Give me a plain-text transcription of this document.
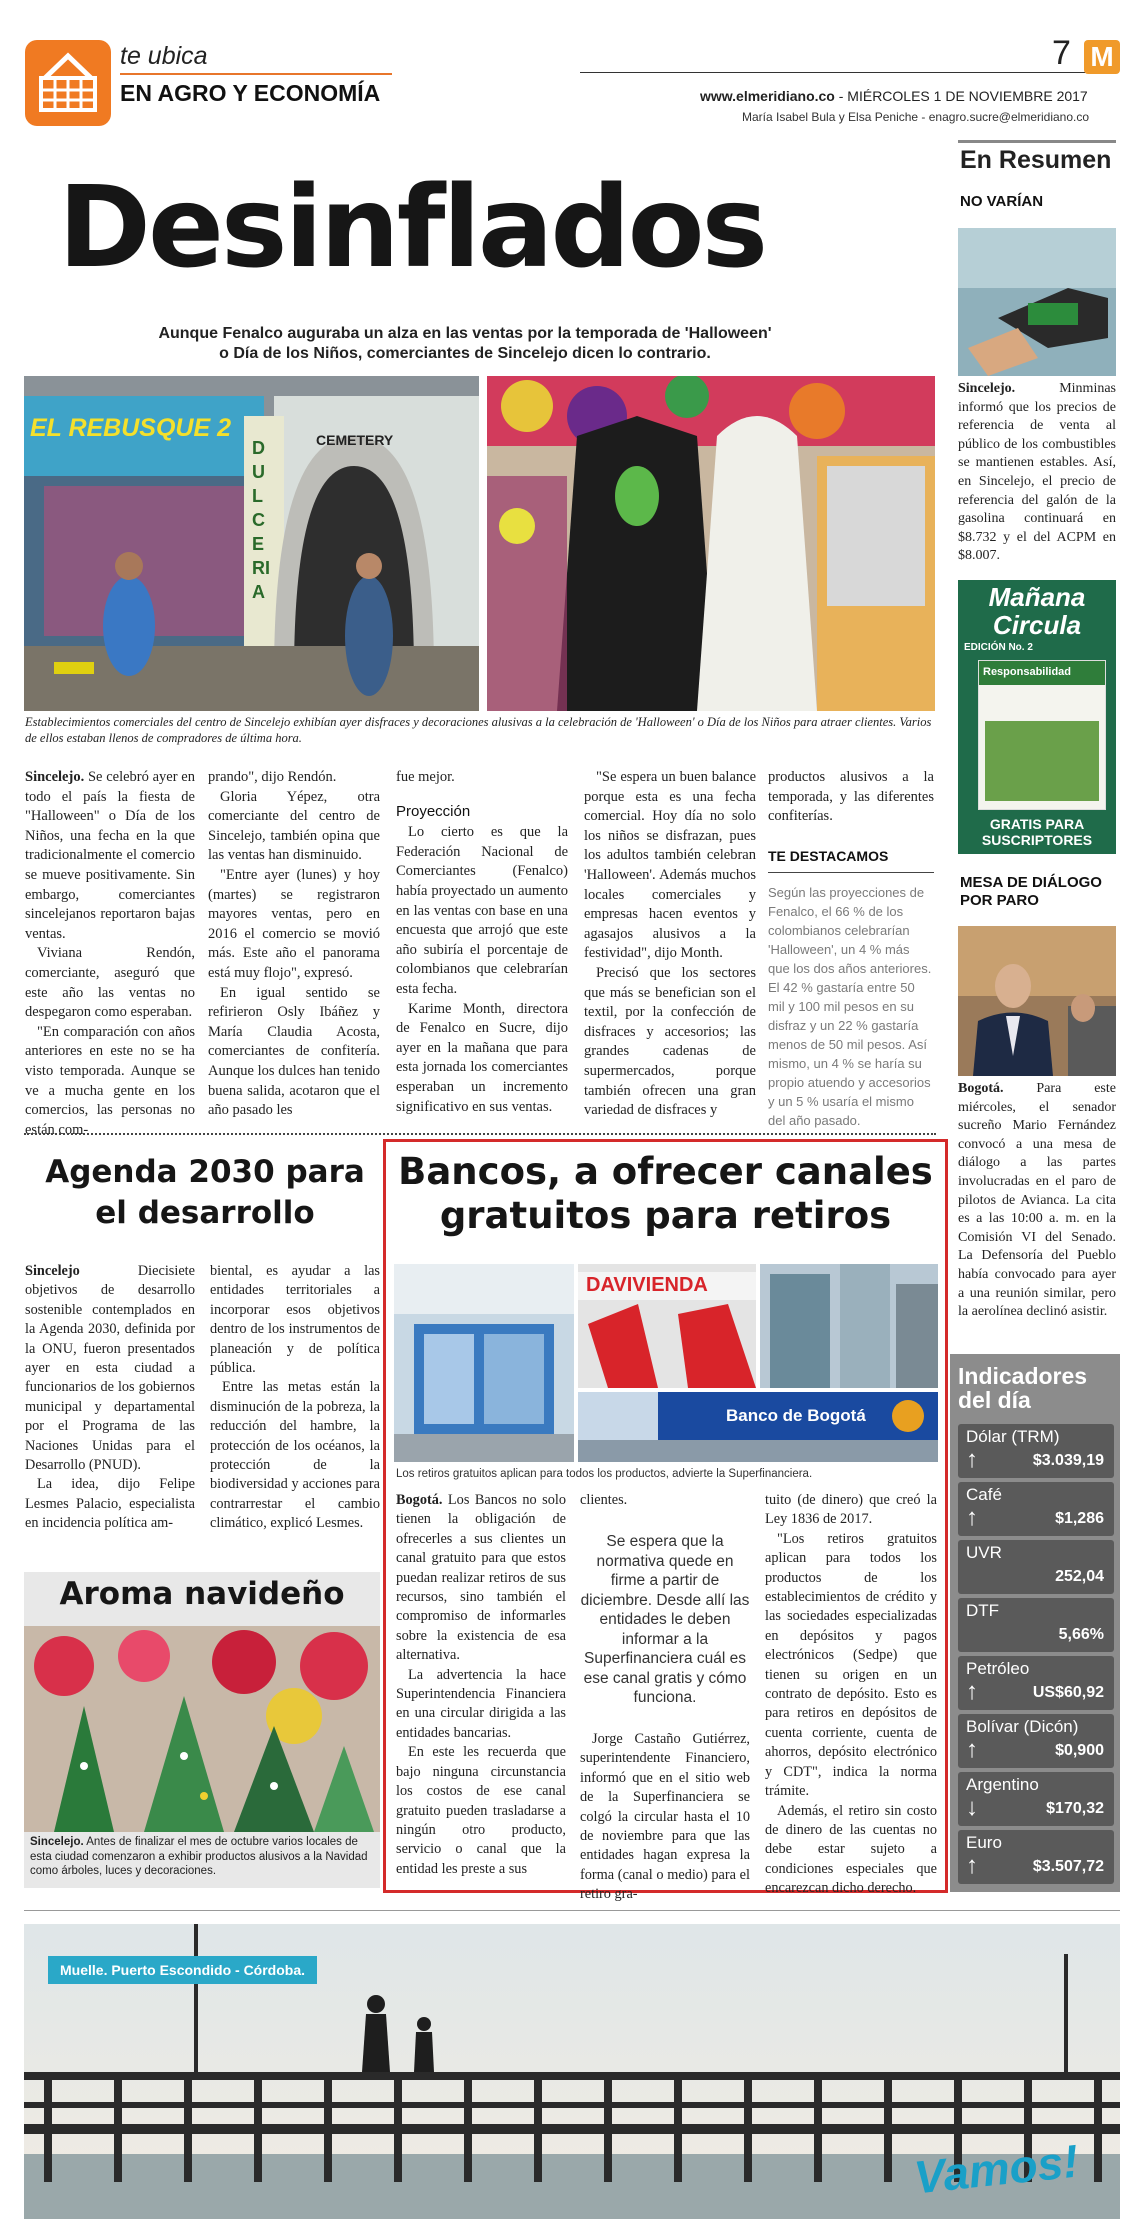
te ubica
EN AGRO Y ECONOMÍA
7 M
www.elmeridiano.co - MIÉRCOLES 1 DE NOVIEMBRE 2017
María Isabel Bula y Elsa Peniche - enagro.sucre@elmeridiano.co
Desinflados
Aunque Fenalco auguraba un alza en las ventas por la temporada de 'Halloween'
o Día de los Niños, comerciantes de Sincelejo dicen lo contrario.
EL REBUSQUE 2
DULCERIA
CEMETERY
Establecimientos comerciales del centro de Sincelejo exhibían ayer disfraces y decoraciones alusivas a la celebración de 'Halloween' o Día de los Niños para atraer clientes. Varios de ellos estaban llenos de compradores de última hora.

Sincelejo. Se celebró ayer en todo el país la fiesta de "Halloween" o Día de los Niños, una fecha en la que tradicionalmente el comercio se mueve positivamente. Sin embargo, comerciantes sincelejanos reportaron bajas ventas.

Viviana Rendón, comerciante, aseguró que este año las ventas no despegaron como esperaban.

"En comparación con años anteriores en este no se ha visto temporada. Aunque se ve a mucha gente en los comercios, las personas no están com-

prando", dijo Rendón.

Gloria Yépez, otra comerciante del centro de Sincelejo, también opina que las ventas han disminuido.

"Entre ayer (lunes) y hoy (martes) se registraron mayores ventas, pero en 2016 el comercio se movió más. Este año el panorama está muy flojo", expresó.

En igual sentido se refirieron Osly Ibáñez y María Claudia Acosta, comerciantes de confitería. Aunque los dulces han tenido buena salida, acotaron que el año pasado les

fue mejor.

Proyección

Lo cierto es que la Federación Nacional de Comerciantes (Fenalco) había proyectado un aumento en las ventas con base en una encuesta que arrojó que este año subiría el porcentaje de colombianos que celebrarían esta fecha.

Karime Month, directora de Fenalco en Sucre, dijo ayer en la mañana que para esta jornada los comerciantes esperaban un incremento significativo en sus ventas.

"Se espera un buen balance porque esta es una fecha comercial. Hoy día no solo los niños se disfrazan, pues los adultos también celebran 'Halloween'. Además muchos locales comerciales y empresas hacen eventos y agasajos alusivos a la festividad", dijo Month.

Precisó que los sectores que más se benefician son el textil, por la confección de disfraces y accesorios; las grandes cadenas de supermercados, porque también ofrecen una gran variedad de disfraces y

productos alusivos a la temporada, y las diferentes confiterías.

TE DESTACAMOS
Según las proyecciones de Fenalco, el 66 % de los colombianos celebrarían 'Halloween', un 4 % más que los dos años anteriores. El 42 % gastaría entre 50 mil y 100 mil pesos en su disfraz y un 22 % gastaría menos de 50 mil pesos. Así mismo, un 4 % se haría su propio atuendo y accesorios y un 5 % usaría el mismo del año pasado.
En Resumen
NO VARÍAN

Sincelejo. Minminas informó que los precios de referencia de venta al público de los combustibles se mantienen estables. Así, en Sincelejo, el precio de referencia del galón de la gasolina continuará en $8.732 y el del ACPM en $8.007.

Mañana
Circula
EDICIÓN No. 2
Responsabilidad
GRATIS PARA SUSCRIPTORES
MESA DE DIÁLOGO POR PARO

Bogotá. Para este miércoles, el senador sucreño Mario Fernández convocó a una mesa de diálogo a las partes involucradas en el paro de pilotos de Avianca. La cita es a las 10:00 a. m. en la Comisión VI del Senado. La Defensoría del Pueblo había convocado para ayer a una reunión similar, pero la aerolínea declinó asistir.

Indicadores
del día
Dólar (TRM)
↑	$3.039,19
Café
↑	$1,286
UVR
252,04
DTF
5,66%
Petróleo
↑	US$60,92
Bolívar (Dicón)
↑	$0,900
Argentino
↓	$170,32
Euro
↑	$3.507,72
Agenda 2030 para
el desarrollo

Sincelejo Diecisiete objetivos de desarrollo sostenible contemplados en la Agenda 2030, definida por la ONU, fueron presentados ayer en esta ciudad a funcionarios de los gobiernos municipal y departamental por el Programa de las Naciones Unidas para el Desarrollo (PNUD).

La idea, dijo Felipe Lesmes Palacio, especialista en incidencia política am-

biental, es ayudar a las entidades territoriales a incorporar esos objetivos dentro de los instrumentos de planeación y de política pública.

Entre las metas están la disminución de la pobreza, la reducción del hambre, la protección de los océanos, la protección de la biodiversidad y acciones para contrarrestar el cambio climático, explicó Lesmes.

Aroma navideño
Sincelejo. Antes de finalizar el mes de octubre varios locales de esta ciudad comenzaron a exhibir productos alusivos a la Navidad como árboles, luces y decoraciones.
Bancos, a ofrecer canales
gratuitos para retiros
DAVIVIENDA
Banco de Bogotá
Los retiros gratuitos aplican para todos los productos, advierte la Superfinanciera.

Bogotá. Los Bancos no solo tienen la obligación de ofrecerles a sus clientes un canal gratuito para que estos puedan realizar retiros de sus recursos, sino también el compromiso de informarles sobre la existencia de esa alternativa.

La advertencia la hace Superintendencia Financiera en una circular dirigida a las entidades bancarias.

En este les recuerda que bajo ninguna circunstancia los costos de ese canal gratuito pueden trasladarse a ningún otro producto, servicio o canal que la entidad les preste a sus

clientes.

Se espera que la normativa quede en firme a partir de diciembre. Desde allí las entidades le deben informar a la Superfinanciera cuál es ese canal gratis y cómo funciona.

Jorge Castaño Gutiérrez, superintendente Financiero, informó que en el sitio web de la Superfinanciera se colgó la circular hasta el 10 de noviembre para que las entidades hagan expresa la forma (canal o medio) para el retiro gra-

tuito (de dinero) que creó la Ley 1836 de 2017.

"Los retiros gratuitos aplican para todos los productos de los establecimientos de crédito y las sociedades especializadas en depósitos y pagos electrónicos (Sedpe) que tienen su origen en un contrato de depósito. Esto es para retiros en depósitos de cuenta corriente, cuenta de ahorros, depósito electrónico y CDT", indica la norma trámite.

Además, el retiro sin costo de dinero de las cuentas no debe estar sujeto a condiciones especiales que encarezcan dicho derecho.

Muelle. Puerto Escondido - Córdoba.
Vamos!
